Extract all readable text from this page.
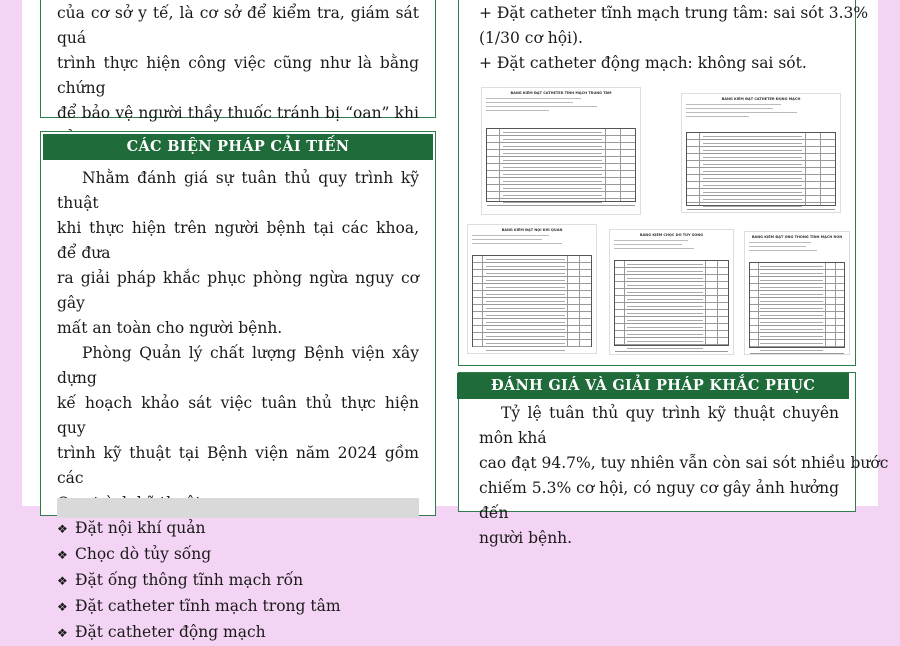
của cơ sở y tế, là cơ sở để kiểm tra, giám sát quá

trình thực hiện công việc cũng như là bằng chứng

để bảo vệ người thầy thuốc tránh bị “oan” khi

CÁC BIỆN PHÁP CẢI TIẾN

Nhằm đánh giá sự tuân thủ quy trình kỹ thuật

khi thực hiện trên người bệnh tại các khoa, để đưa

ra giải pháp khắc phục phòng ngừa nguy cơ gây

mất an toàn cho người bệnh.

Phòng Quản lý chất lượng Bệnh viện xây dựng

kế hoạch khảo sát việc tuân thủ thực hiện quy

trình kỹ thuật tại Bệnh viện năm 2024 gồm các

❖ Đặt nội khí quản

❖ Chọc dò tủy sống

❖ Đặt ống thông tĩnh mạch rốn

❖ Đặt catheter tĩnh mạch trong tâm

❖ Đặt catheter động mạch

+ Đặt catheter tĩnh mạch trung tâm: sai sót 3.3%

(1/30 cơ hội).

+ Đặt catheter động mạch: không sai sót.

BẢNG KIỂM ĐẶT CATHETER TĨNH MẠCH TRUNG TÂM
BẢNG KIỂM ĐẶT CATHETER ĐỘNG MẠCH
BẢNG KIỂM ĐẶT NỘI KHÍ QUẢN
BẢNG KIỂM CHỌC DÒ TỦY SỐNG	BẢNG KIỂM ĐẶT ỐNG THÔNG TĨNH MẠCH RỐN
ĐÁNH GIÁ VÀ GIẢI PHÁP KHẮC PHỤC

Tỷ lệ tuân thủ quy trình kỹ thuật chuyên môn khá

cao đạt 94.7%, tuy nhiên vẫn còn sai sót nhiều bước

chiếm 5.3% cơ hội, có nguy cơ gây ảnh hưởng đến

người bệnh.
